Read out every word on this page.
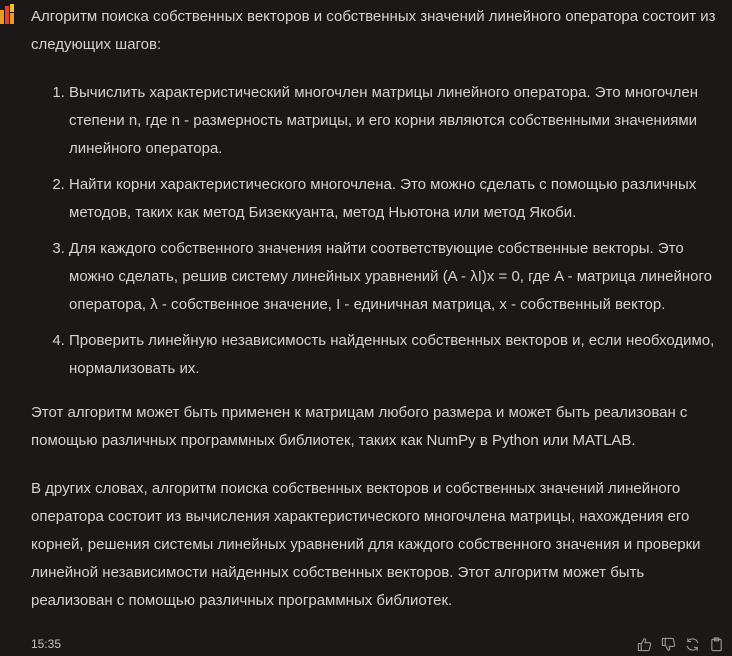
Алгоритм поиска собственных векторов и собственных значений линейного оператора состоит из следующих шагов:

1. Вычислить характеристический многочлен матрицы линейного оператора. Это многочлен степени n, где n - размерность матрицы, и его корни являются собственными значениями линейного оператора.
2. Найти корни характеристического многочлена. Это можно сделать с помощью различных методов, таких как метод Бизеккуанта, метод Ньютона или метод Якоби.
3. Для каждого собственного значения найти соответствующие собственные векторы. Это можно сделать, решив систему линейных уравнений (A - λI)x = 0, где A - матрица линейного оператора, λ - собственное значение, I - единичная матрица, x - собственный вектор.
4. Проверить линейную независимость найденных собственных векторов и, если необходимо, нормализовать их.

Этот алгоритм может быть применен к матрицам любого размера и может быть реализован с помощью различных программных библиотек, таких как NumPy в Python или MATLAB.

В других словах, алгоритм поиска собственных векторов и собственных значений линейного оператора состоит из вычисления характеристического многочлена матрицы, нахождения его корней, решения системы линейных уравнений для каждого собственного значения и проверки линейной независимости найденных собственных векторов. Этот алгоритм может быть реализован с помощью различных программных библиотек.

15:35
